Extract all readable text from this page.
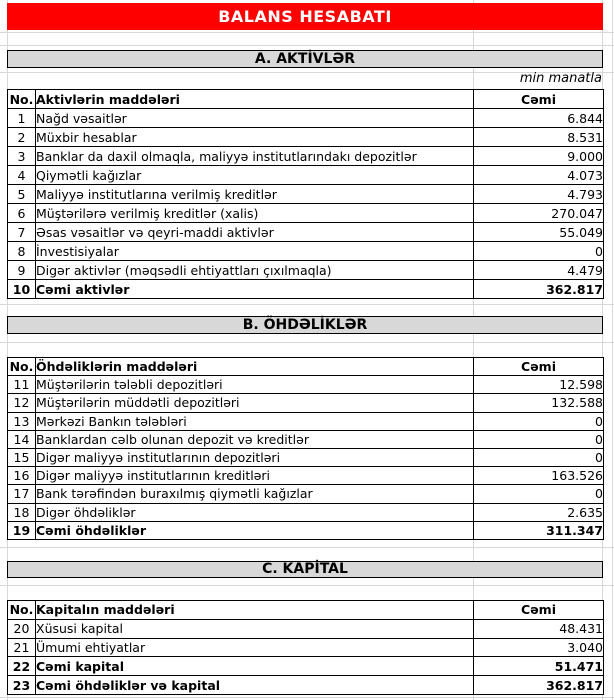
BALANS HESABATI
A. AKTİVLƏR
min manatla
No.	Aktivlərin maddələri	Cəmi
1	Nağd vəsaitlər	6.844
2	Müxbir hesablar	8.531
3	Banklar da daxil olmaqla, maliyyə institutlarındakı depozitlər	9.000
4	Qiymətli kağızlar	4.073
5	Maliyyə institutlarına verilmiş kreditlər	4.793
6	Müştərilərə verilmiş kreditlər (xalis)	270.047
7	Əsas vəsaitlər və qeyri-maddi aktivlər	55.049
8	İnvestisiyalar	0
9	Digər aktivlər (məqsədli ehtiyattları çıxılmaqla)	4.479
10	Cəmi aktivlər	362.817
B. ÖHDƏLİKLƏR
No.	Öhdəliklərin maddələri	Cəmi
11	Müştərilərin tələbli depozitləri	12.598
12	Müştərilərin müddətli depozitləri	132.588
13	Mərkəzi Bankın tələbləri	0
14	Banklardan cəlb olunan depozit və kreditlər	0
15	Digər maliyyə institutlarının depozitləri	0
16	Digər maliyyə institutlarının kreditləri	163.526
17	Bank tərəfindən buraxılmış qiymətli kağızlar	0
18	Digər öhdəliklər	2.635
19	Cəmi öhdəliklər	311.347
C. KAPİTAL
No.	Kapitalın maddələri	Cəmi
20	Xüsusi kapital	48.431
21	Ümumi ehtiyatlar	3.040
22	Cəmi kapital	51.471
23	Cəmi öhdəliklər və kapital	362.817
